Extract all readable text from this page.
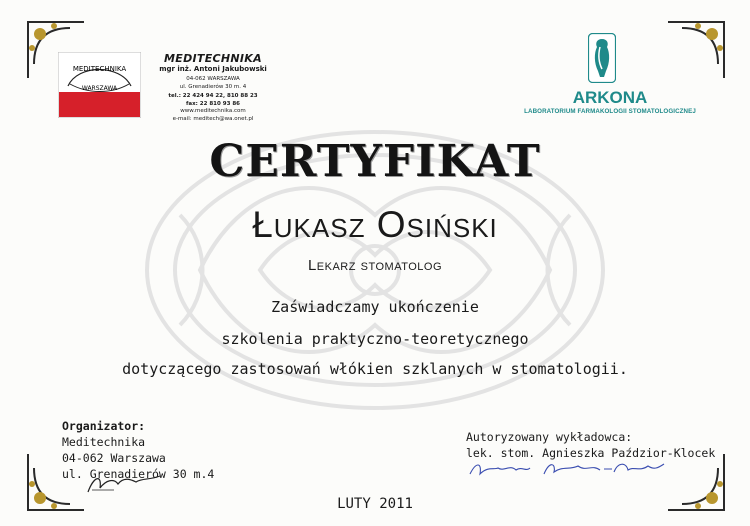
MEDITECHNIKA
WARSZAWA
MEDITECHNIKA
mgr inż. Antoni Jakubowski
04-062 WARSZAWA
ul. Grenadierów 30 m. 4
tel.: 22 424 94 22, 810 88 23
fax: 22 810 93 86
www.meditechnika.com
e-mail: meditech@wa.onet.pl
ARKONA
LABORATORIUM FARMAKOLOGII STOMATOLOGICZNEJ
CERTYFIKAT
Łukasz Osiński
Lekarz stomatolog
Zaświadczamy ukończenie
szkolenia praktyczno-teoretycznego
dotyczącego zastosowań włókien szklanych w stomatologii.
Organizator:
Meditechnika
04-062 Warszawa
ul. Grenadierów 30 m.4
Autoryzowany wykładowca:
lek. stom. Agnieszka Paździor-Klocek
LUTY 2011
